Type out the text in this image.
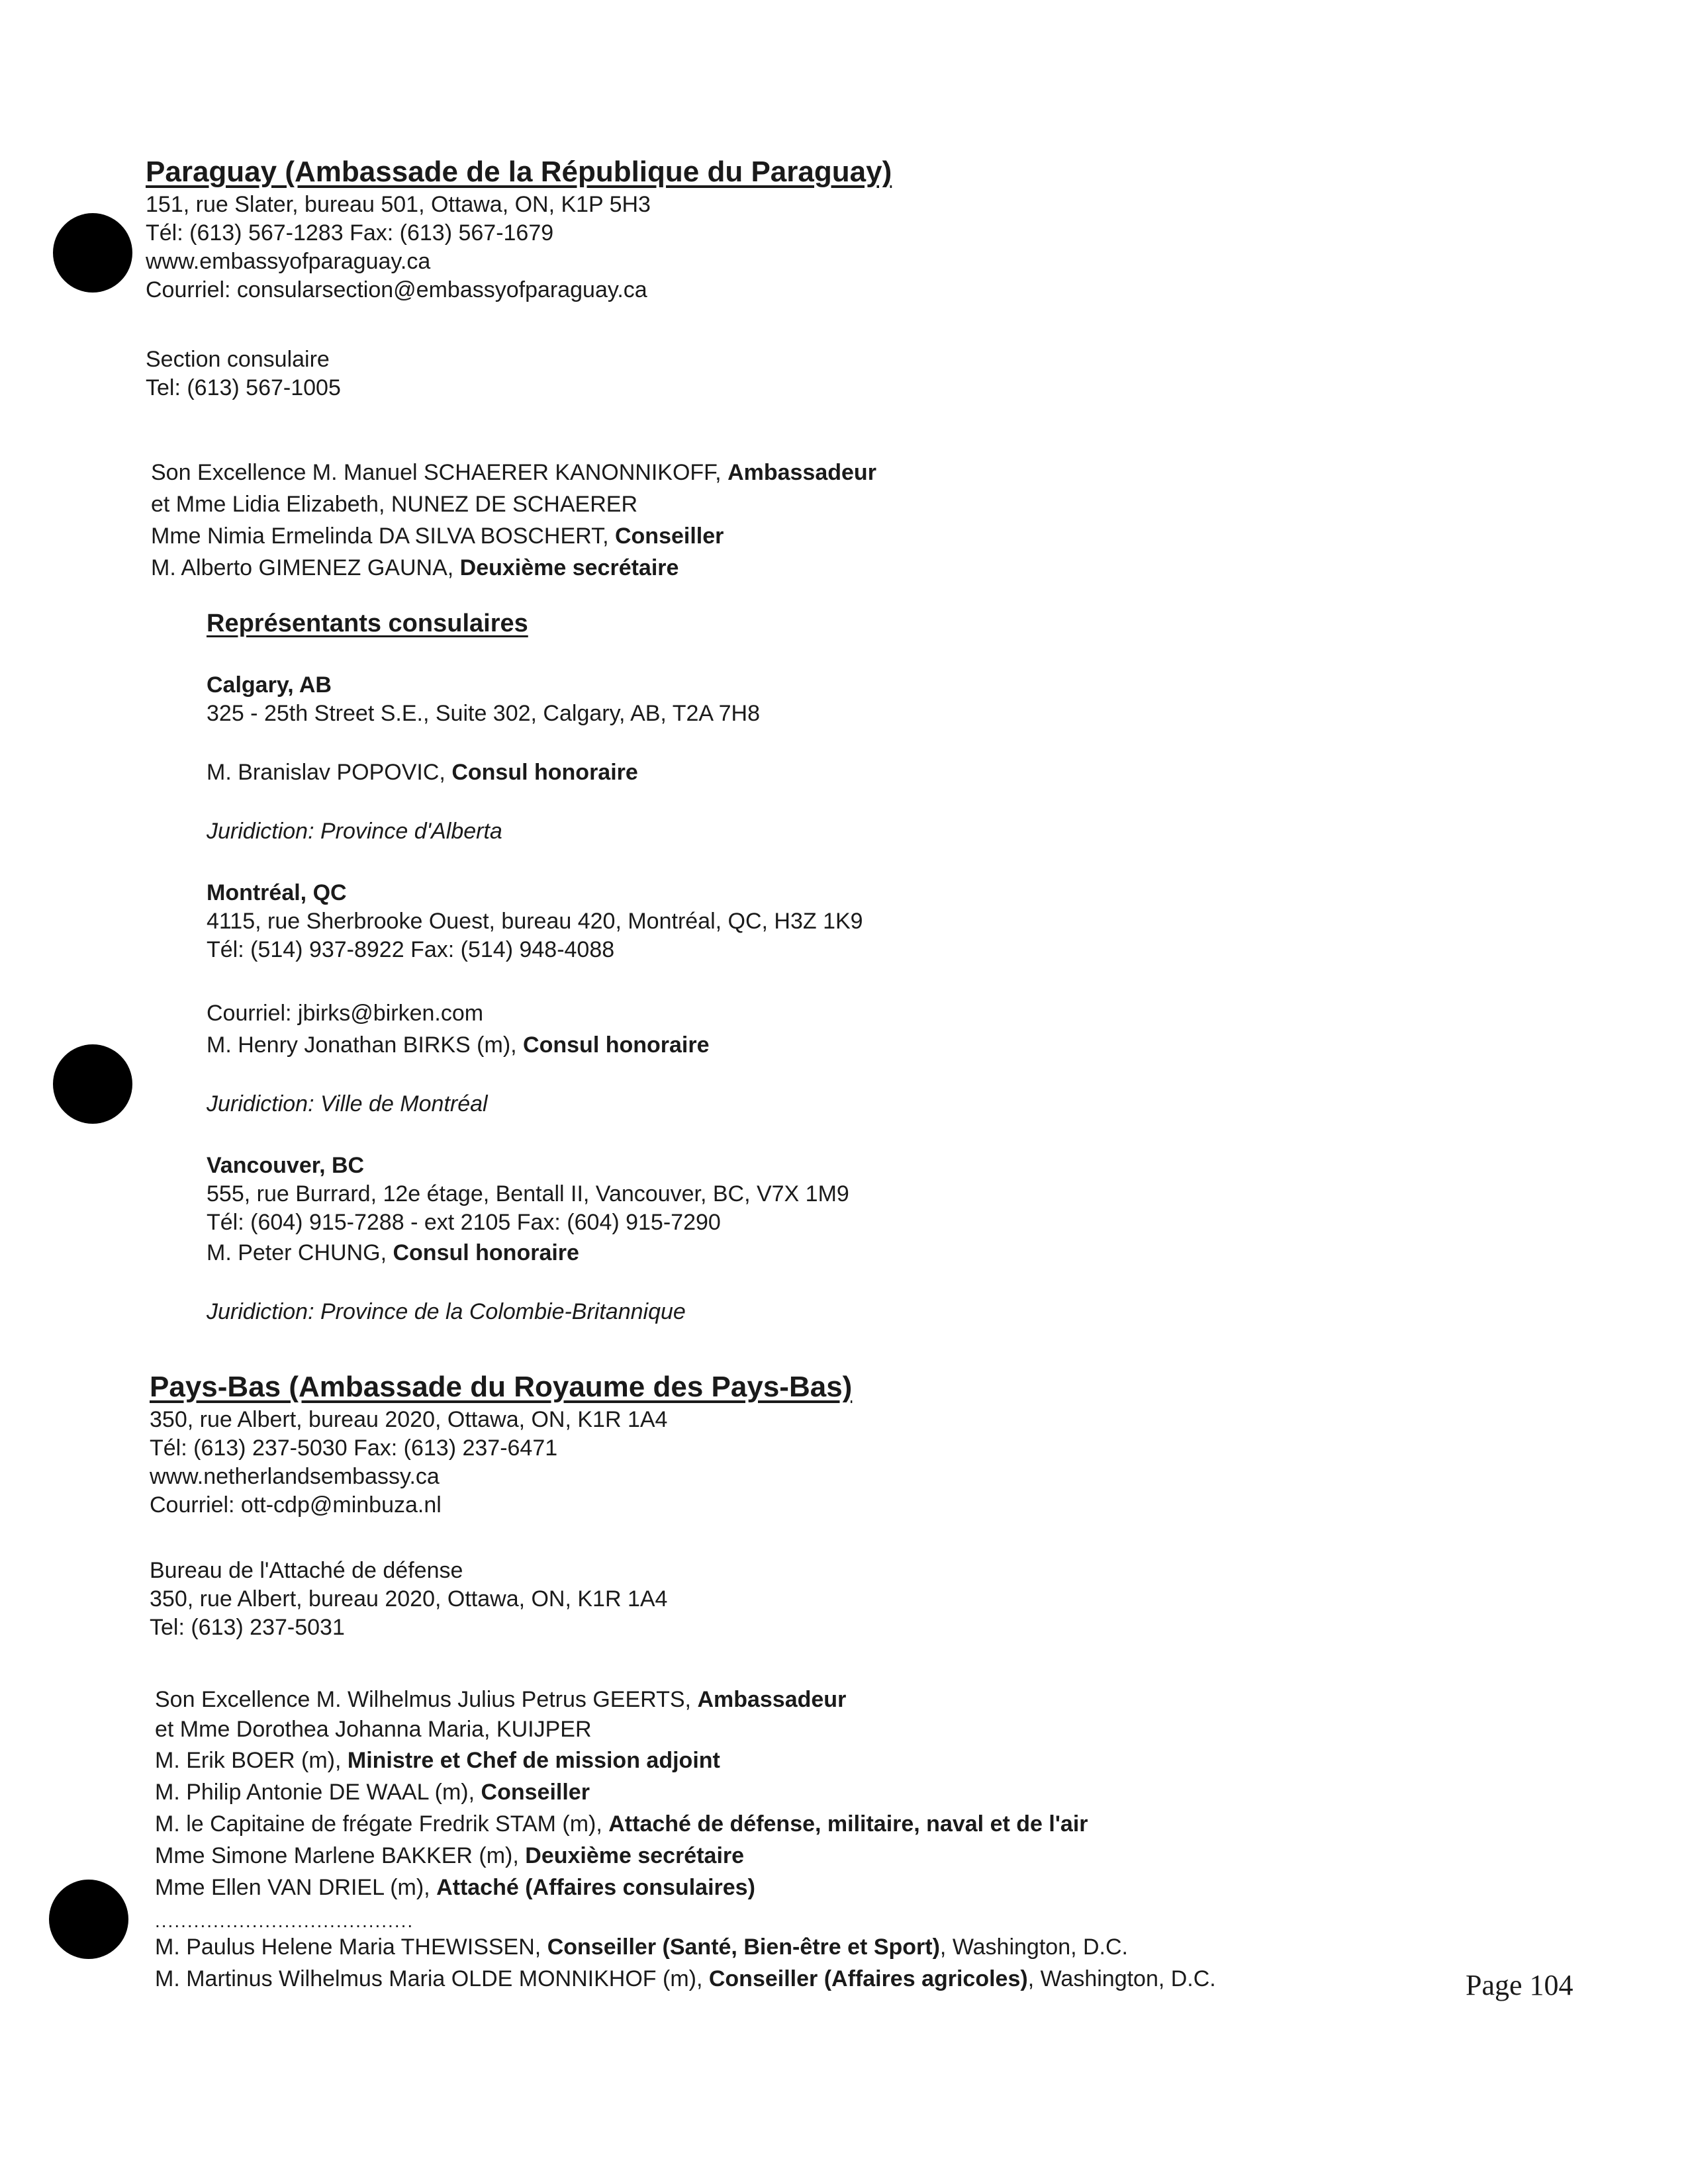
Paraguay (Ambassade de la République du Paraguay)
151, rue Slater, bureau 501, Ottawa, ON, K1P 5H3
Tél: (613) 567-1283 Fax: (613) 567-1679
www.embassyofparaguay.ca
Courriel: consularsection@embassyofparaguay.ca
Section consulaire
Tel: (613) 567-1005
Son Excellence M. Manuel SCHAERER KANONNIKOFF, Ambassadeur
et Mme Lidia Elizabeth, NUNEZ DE SCHAERER
Mme Nimia Ermelinda DA SILVA BOSCHERT, Conseiller
M. Alberto GIMENEZ GAUNA, Deuxième secrétaire
Représentants consulaires
Calgary, AB
325 - 25th Street S.E., Suite 302, Calgary, AB, T2A 7H8
M. Branislav POPOVIC, Consul honoraire
Juridiction: Province d'Alberta
Montréal, QC
4115, rue Sherbrooke Ouest, bureau 420, Montréal, QC, H3Z 1K9
Tél: (514) 937-8922 Fax: (514) 948-4088
Courriel: jbirks@birken.com
M. Henry Jonathan BIRKS (m), Consul honoraire
Juridiction: Ville de Montréal
Vancouver, BC
555, rue Burrard, 12e étage, Bentall II, Vancouver, BC, V7X 1M9
Tél: (604) 915-7288 - ext 2105 Fax: (604) 915-7290
M. Peter CHUNG, Consul honoraire
Juridiction: Province de la Colombie-Britannique
Pays-Bas (Ambassade du Royaume des Pays-Bas)
350, rue Albert, bureau 2020, Ottawa, ON, K1R 1A4
Tél: (613) 237-5030 Fax: (613) 237-6471
www.netherlandsembassy.ca
Courriel: ott-cdp@minbuza.nl
Bureau de l'Attaché de défense
350, rue Albert, bureau 2020, Ottawa, ON, K1R 1A4
Tel: (613) 237-5031
Son Excellence M. Wilhelmus Julius Petrus GEERTS, Ambassadeur
et Mme Dorothea Johanna Maria, KUIJPER
M. Erik BOER (m), Ministre et Chef de mission adjoint
M. Philip Antonie DE WAAL (m), Conseiller
M. le Capitaine de frégate Fredrik STAM (m), Attaché de défense, militaire, naval et de l'air
Mme Simone Marlene BAKKER (m), Deuxième secrétaire
Mme Ellen VAN DRIEL (m), Attaché (Affaires consulaires)
........................................
M. Paulus Helene Maria THEWISSEN, Conseiller (Santé, Bien-être et Sport), Washington, D.C.
M. Martinus Wilhelmus Maria OLDE MONNIKHOF (m), Conseiller (Affaires agricoles), Washington, D.C.	Page 104
